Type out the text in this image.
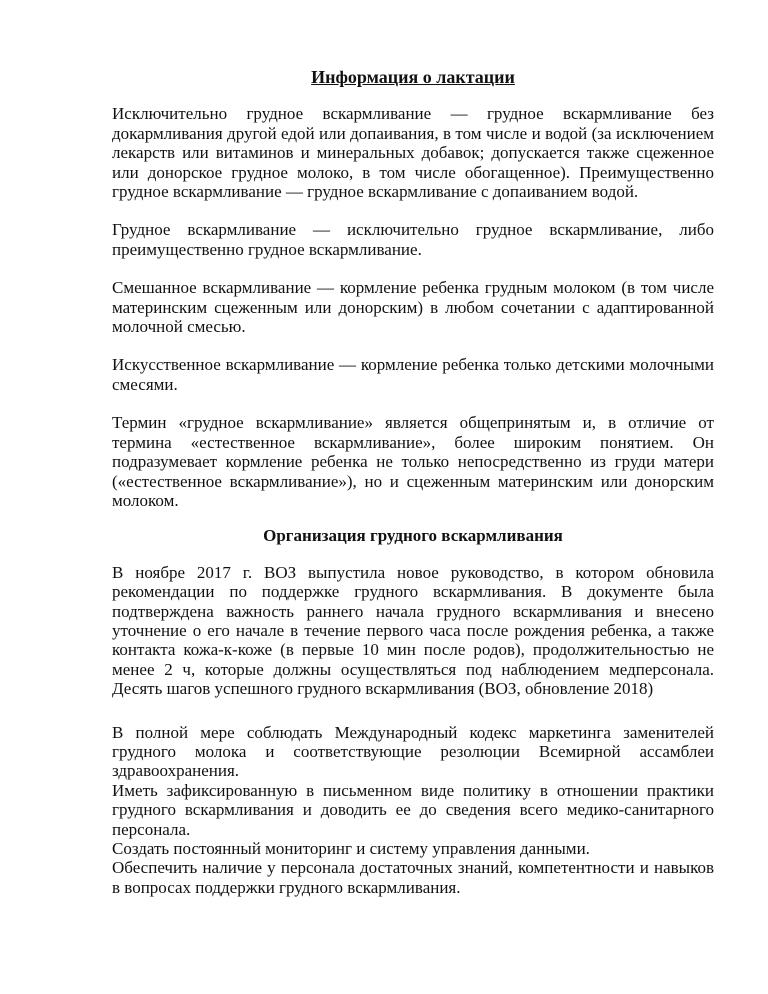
Информация о лактации

Исключительно грудное вскармливание — грудное вскармливание без докармливания другой едой или допаивания, в том числе и водой (за исключением лекарств или витаминов и минеральных добавок; допускается также сцеженное или донорское грудное молоко, в том числе обогащенное). Преимущественно грудное вскармливание — грудное вскармливание с допаиванием водой.

Грудное вскармливание — исключительно грудное вскармливание, либо преимущественно грудное вскармливание.

Смешанное вскармливание — кормление ребенка грудным молоком (в том числе материнским сцеженным или донорским) в любом сочетании с адаптированной молочной смесью.

Искусственное вскармливание — кормление ребенка только детскими молочными смесями.

Термин «грудное вскармливание» является общепринятым и, в отличие от термина «естественное вскармливание», более широким понятием. Он подразумевает кормление ребенка не только непосредственно из груди матери («естественное вскармливание»), но и сцеженным материнским или донорским молоком.

Организация грудного вскармливания

В ноябре 2017 г. ВОЗ выпустила новое руководство, в котором обновила рекомендации по поддержке грудного вскармливания. В документе была подтверждена важность раннего начала грудного вскармливания и внесено уточнение о его начале в течение первого часа после рождения ребенка, а также контакта кожа-к-коже (в первые 10 мин после родов), продолжительностью не менее 2 ч, которые должны осуществляться под наблюдением медперсонала. Десять шагов успешного грудного вскармливания (ВОЗ, обновление 2018)

В полной мере соблюдать Международный кодекс маркетинга заменителей грудного молока и соответствующие резолюции Всемирной ассамблеи здравоохранения.

Иметь зафиксированную в письменном виде политику в отношении практики грудного вскармливания и доводить ее до сведения всего медико-санитарного персонала.

Создать постоянный мониторинг и систему управления данными.

Обеспечить наличие у персонала достаточных знаний, компетентности и навыков в вопросах поддержки грудного вскармливания.
